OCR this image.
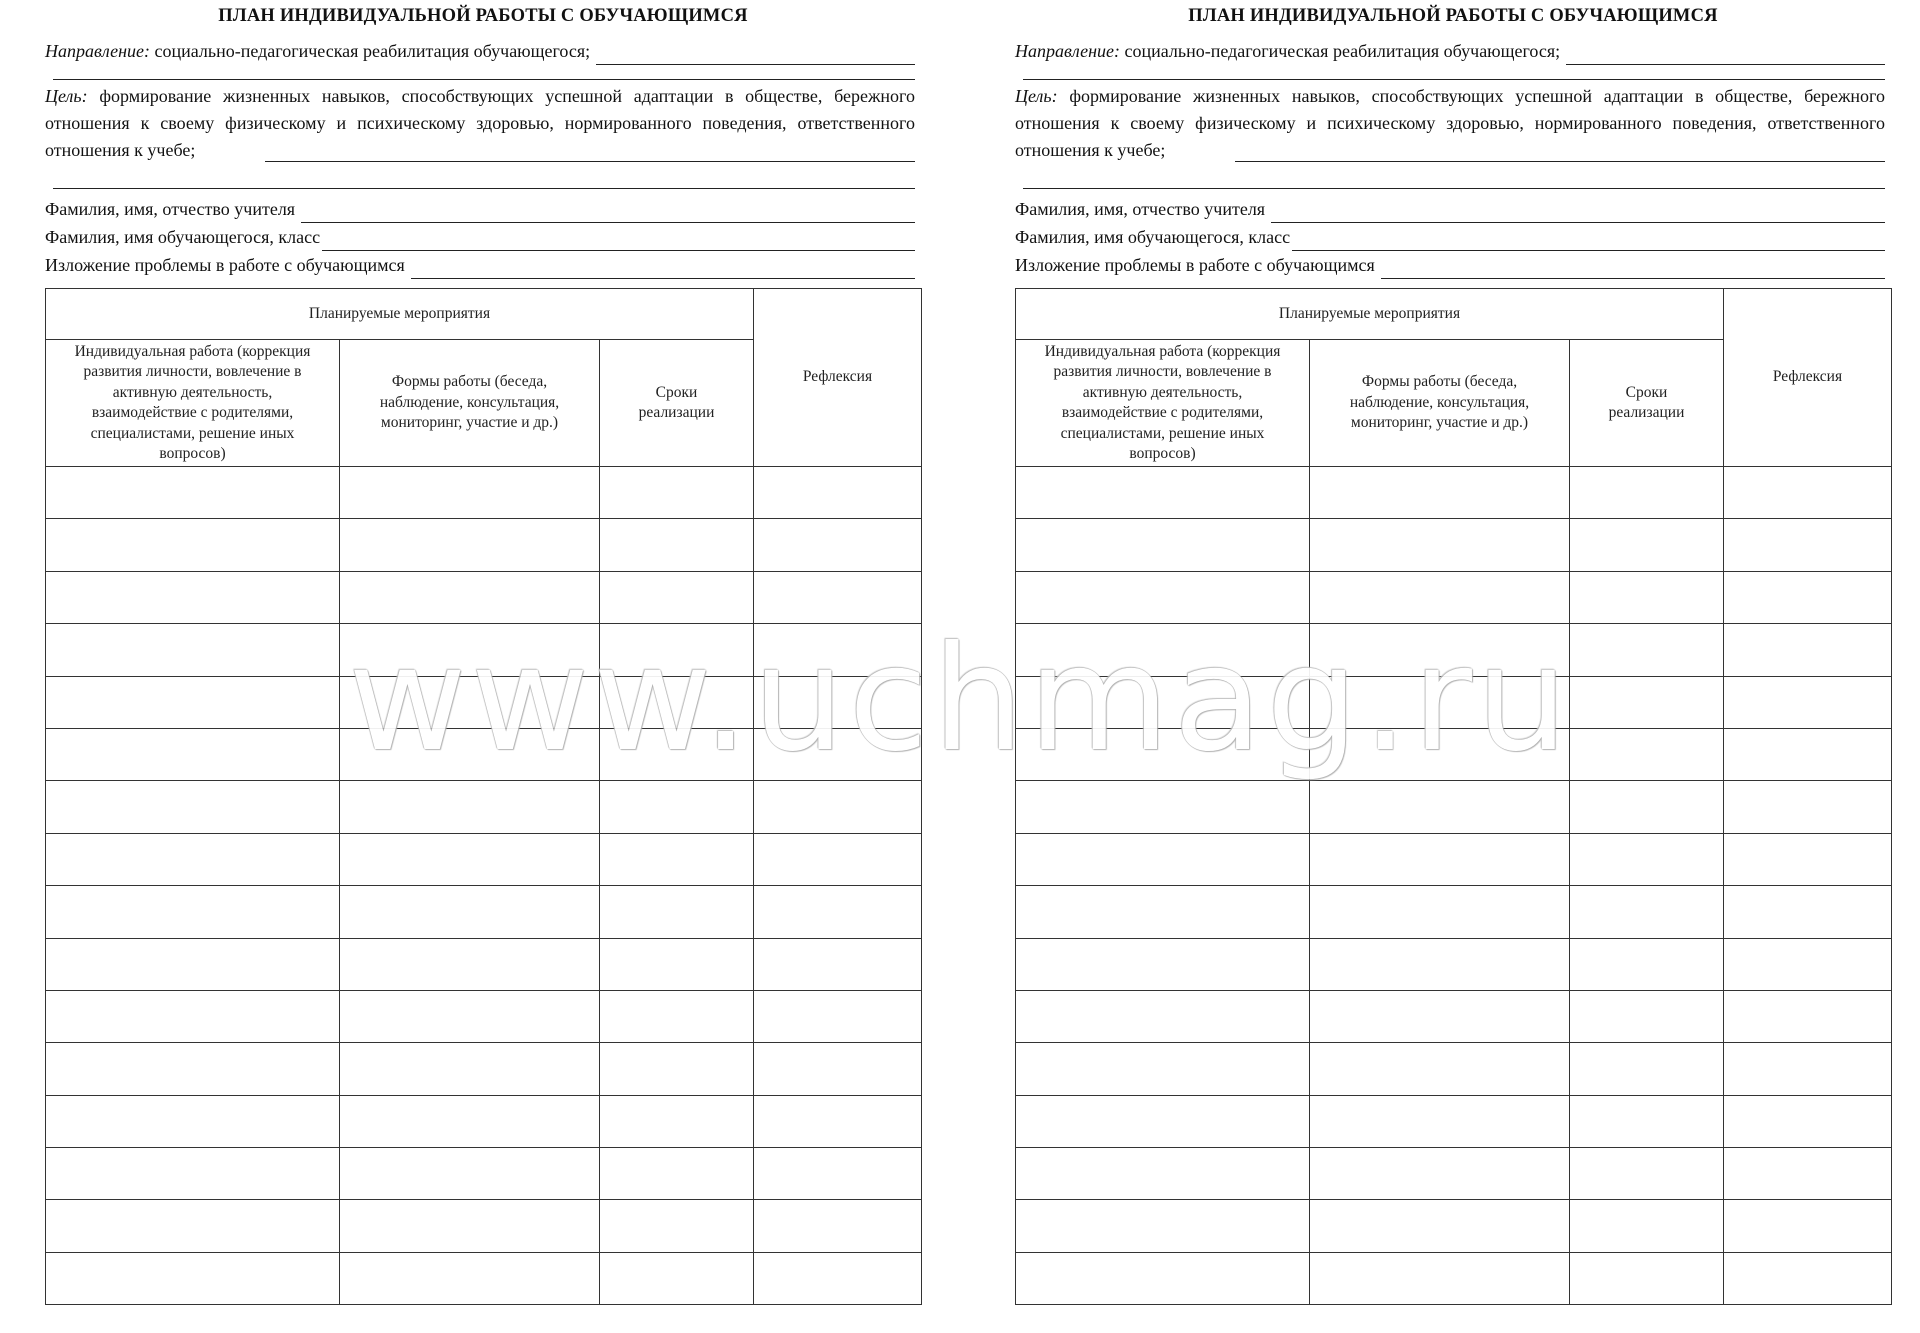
ПЛАН ИНДИВИДУАЛЬНОЙ РАБОТЫ С ОБУЧАЮЩИМСЯ
Направление: социально-педагогическая реабилитация обучающегося;
Цель: формирование жизненных навыков, способствующих успешной адаптации в обществе, бережного отношения к своему физическому и психическому здоровью, нормированного поведения, ответственного отношения к учебе;
Фамилия, имя, отчество учителя
Фамилия, имя обучающегося, класс
Изложение проблемы в работе с обучающимся
Планируемые мероприятия			Рефлексия
Индивидуальная работа (коррекция развития личности, вовлечение в активную деятельность, взаимодействие с родителями, специалистами, решение иных вопросов)	Формы работы (беседа, наблюдение, консультация, мониторинг, участие и др.)	Сроки реализации	

ПЛАН ИНДИВИДУАЛЬНОЙ РАБОТЫ С ОБУЧАЮЩИМСЯ
Направление: социально-педагогическая реабилитация обучающегося;
Цель: формирование жизненных навыков, способствующих успешной адаптации в обществе, бережного отношения к своему физическому и психическому здоровью, нормированного поведения, ответственного отношения к учебе;
Фамилия, имя, отчество учителя
Фамилия, имя обучающегося, класс
Изложение проблемы в работе с обучающимся
Планируемые мероприятия			Рефлексия
Индивидуальная работа (коррекция развития личности, вовлечение в активную деятельность, взаимодействие с родителями, специалистами, решение иных вопросов)	Формы работы (беседа, наблюдение, консультация, мониторинг, участие и др.)	Сроки реализации	

www.uchmag.ru
